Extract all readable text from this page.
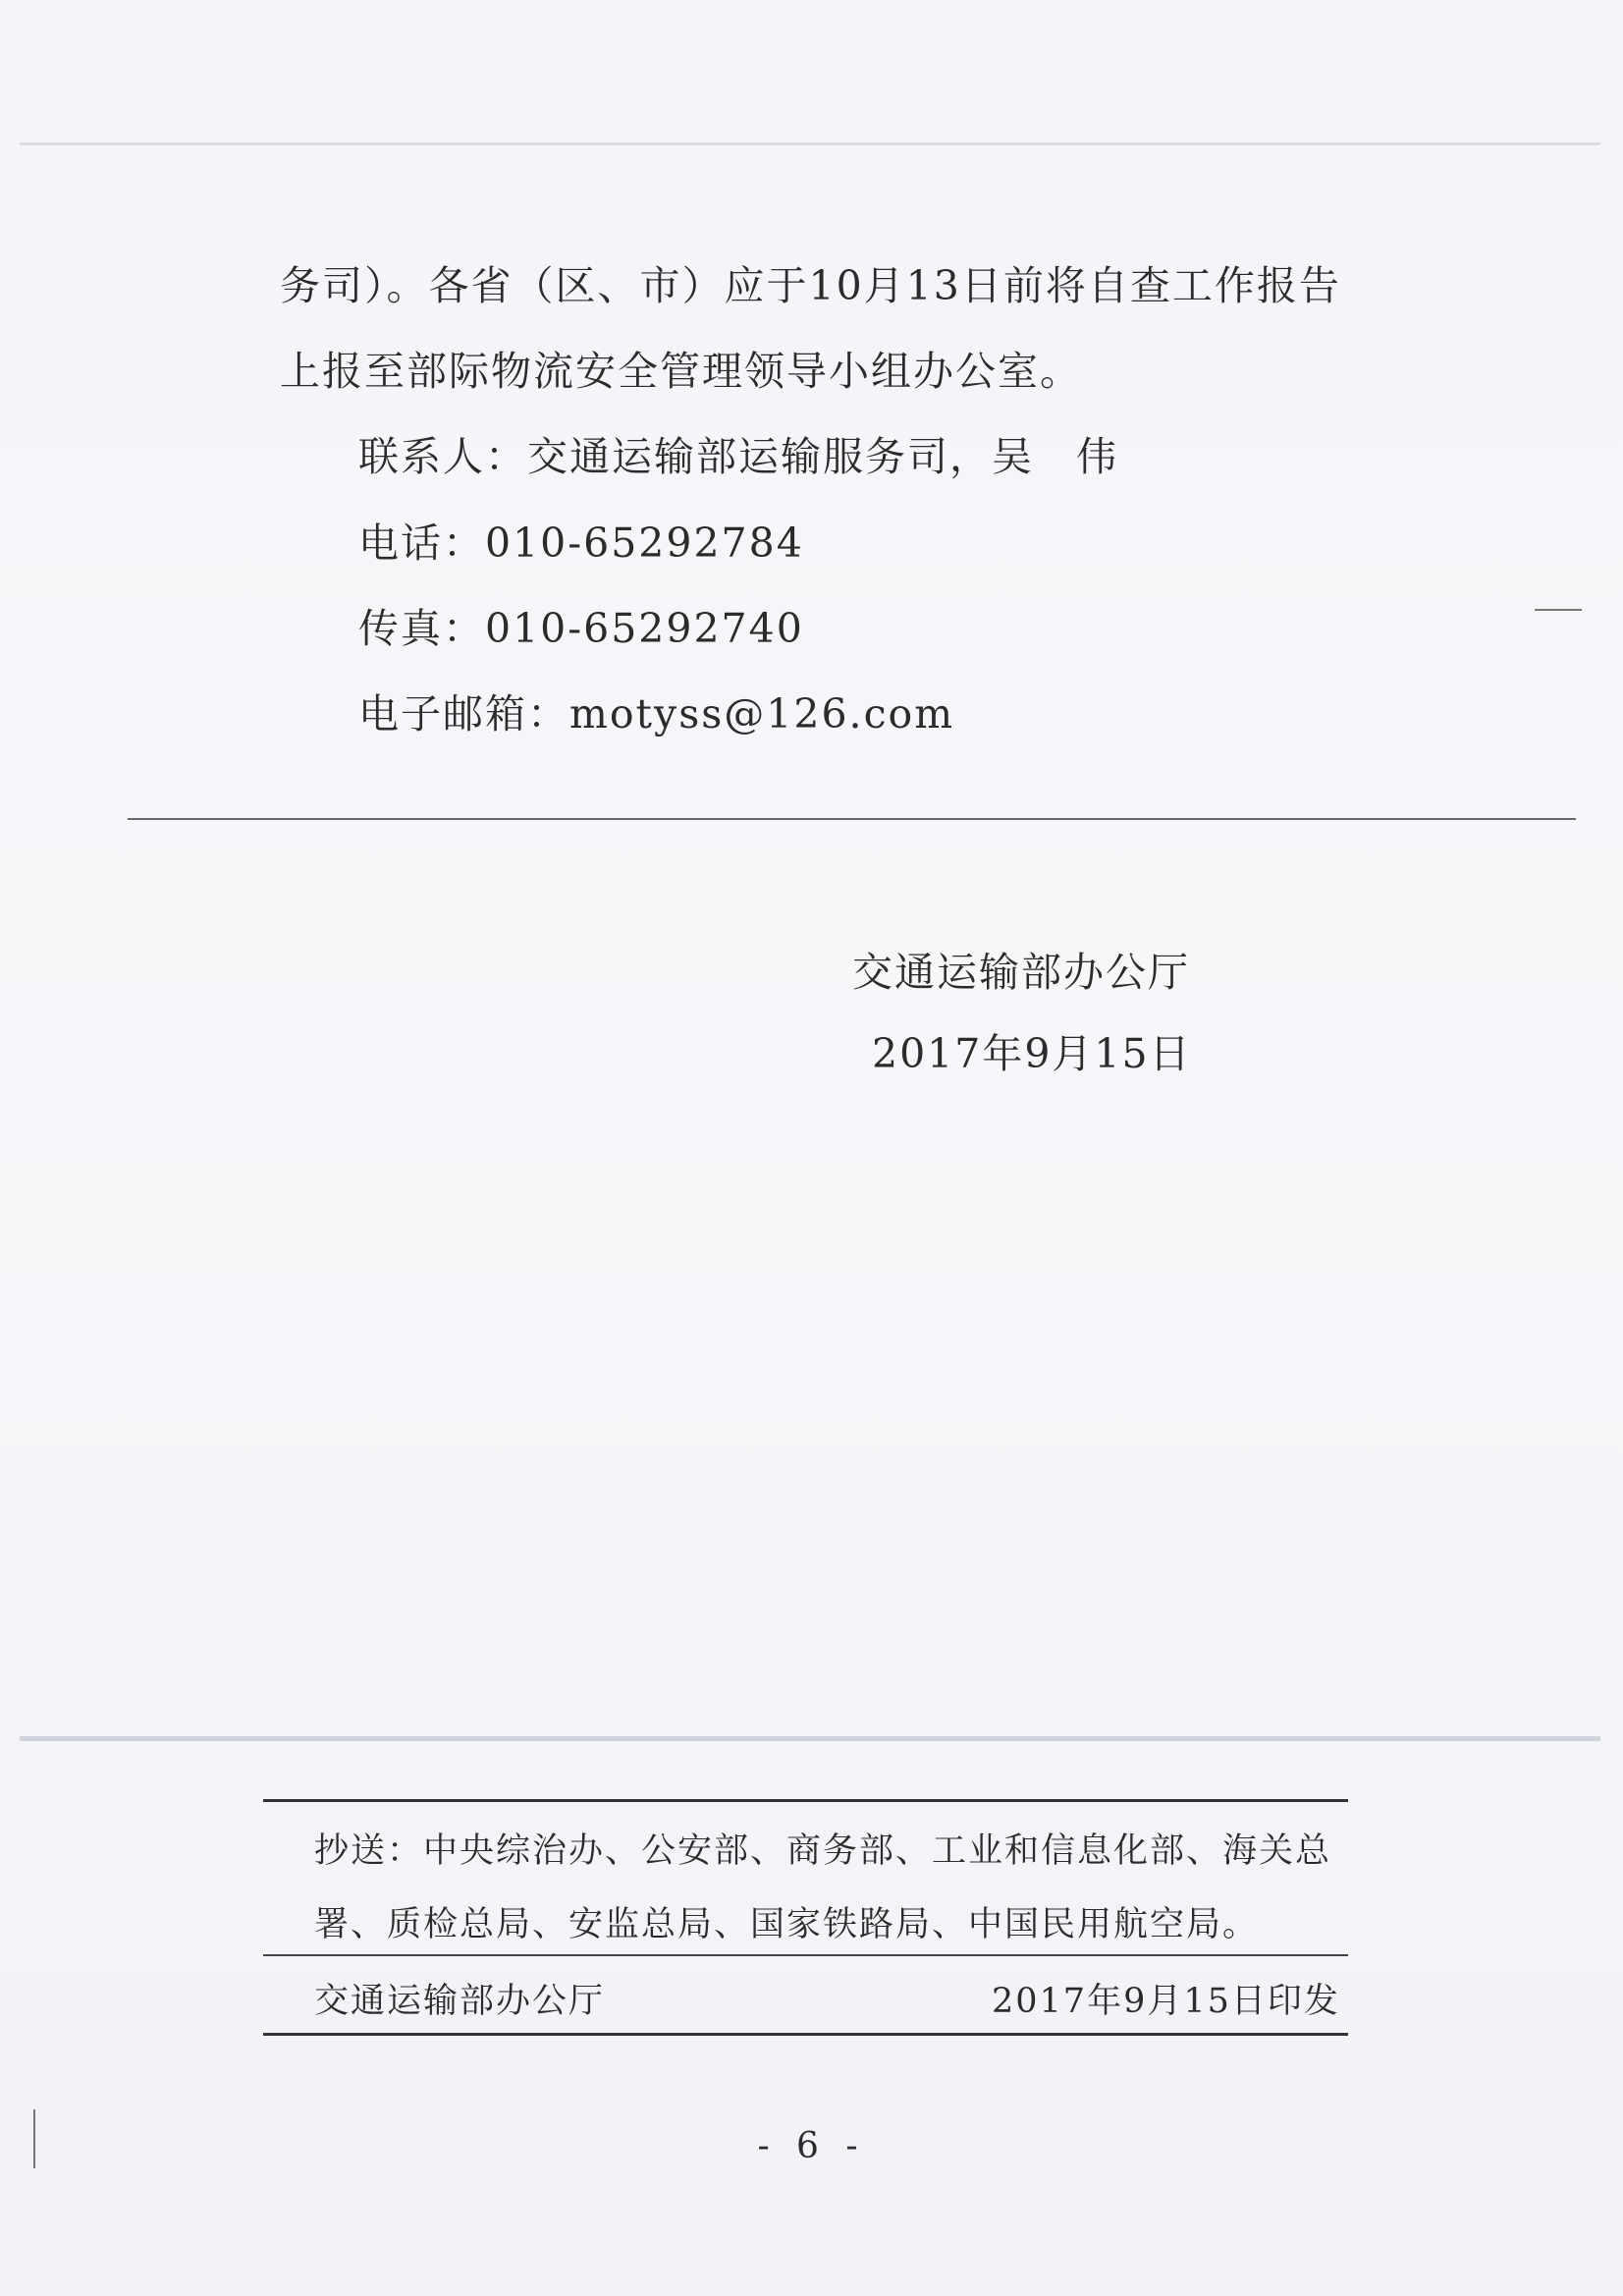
务司）。各省（区、市）应于10月13日前将自查工作报告
上报至部际物流安全管理领导小组办公室。
联系人：交通运输部运输服务司，吴　伟
电话：010-65292784
传真：010-65292740
电子邮箱：motyss@126.com
交通运输部办公厅
2017年9月15日
抄送：中央综治办、公安部、商务部、工业和信息化部、海关总
署、质检总局、安监总局、国家铁路局、中国民用航空局。
交通运输部办公厅	2017年9月15日印发
- 6 -
